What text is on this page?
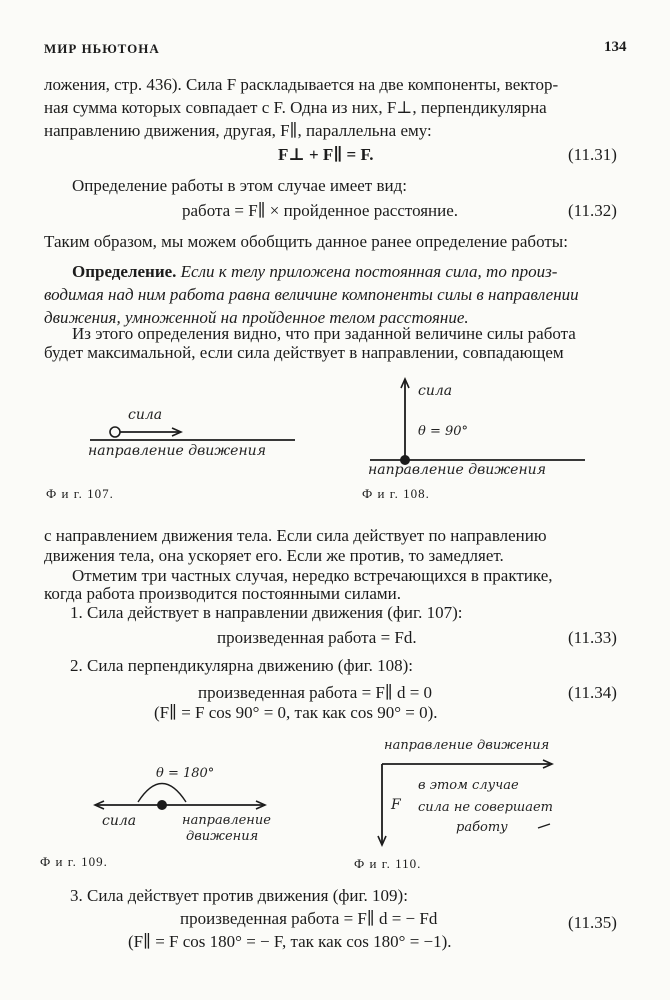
МИР НЬЮТОНА	134
ложения, стр. 436). Сила F раскладывается на две компоненты, вектор-
ная сумма которых совпадает с F. Одна из них, F⊥, перпендикулярна
направлению движения, другая, F∥, параллельна ему:
F⊥ + F∥ = F.	(11.31)
Определение работы в этом случае имеет вид:
работа = F∥ × пройденное расстояние.	(11.32)
Таким образом, мы можем обобщить данное ранее определение работы:
Определение. Если к телу приложена постоянная сила, то произ-
водимая над ним работа равна величине компоненты силы в направлении
движения, умноженной на пройденное телом расстояние.
Из этого определения видно, что при заданной величине силы работа
будет максимальной, если сила действует в направлении, совпадающем
сила
направление движения
Ф и г. 107.
сила
θ = 90°
направление движения
Ф и г. 108.
с направлением движения тела. Если сила действует по направлению
движения тела, она ускоряет его. Если же против, то замедляет.
Отметим три частных случая, нередко встречающихся в практике,
когда работа производится постоянными силами.
1. Сила действует в направлении движения (фиг. 107):
произведенная работа = Fd.	(11.33)
2. Сила перпендикулярна движению (фиг. 108):
произведенная работа = F∥ d = 0	(11.34)
(F∥ = F cos 90° = 0, так как cos 90° = 0).
θ = 180°
сила	направление
движения
Ф и г. 109.
направление движения
F
в этом случае
сила не совершает
работу
Ф и г. 110.
3. Сила действует против движения (фиг. 109):
произведенная работа = F∥ d = − Fd	(11.35)
(F∥ = F cos 180° = − F, так как cos 180° = −1).
